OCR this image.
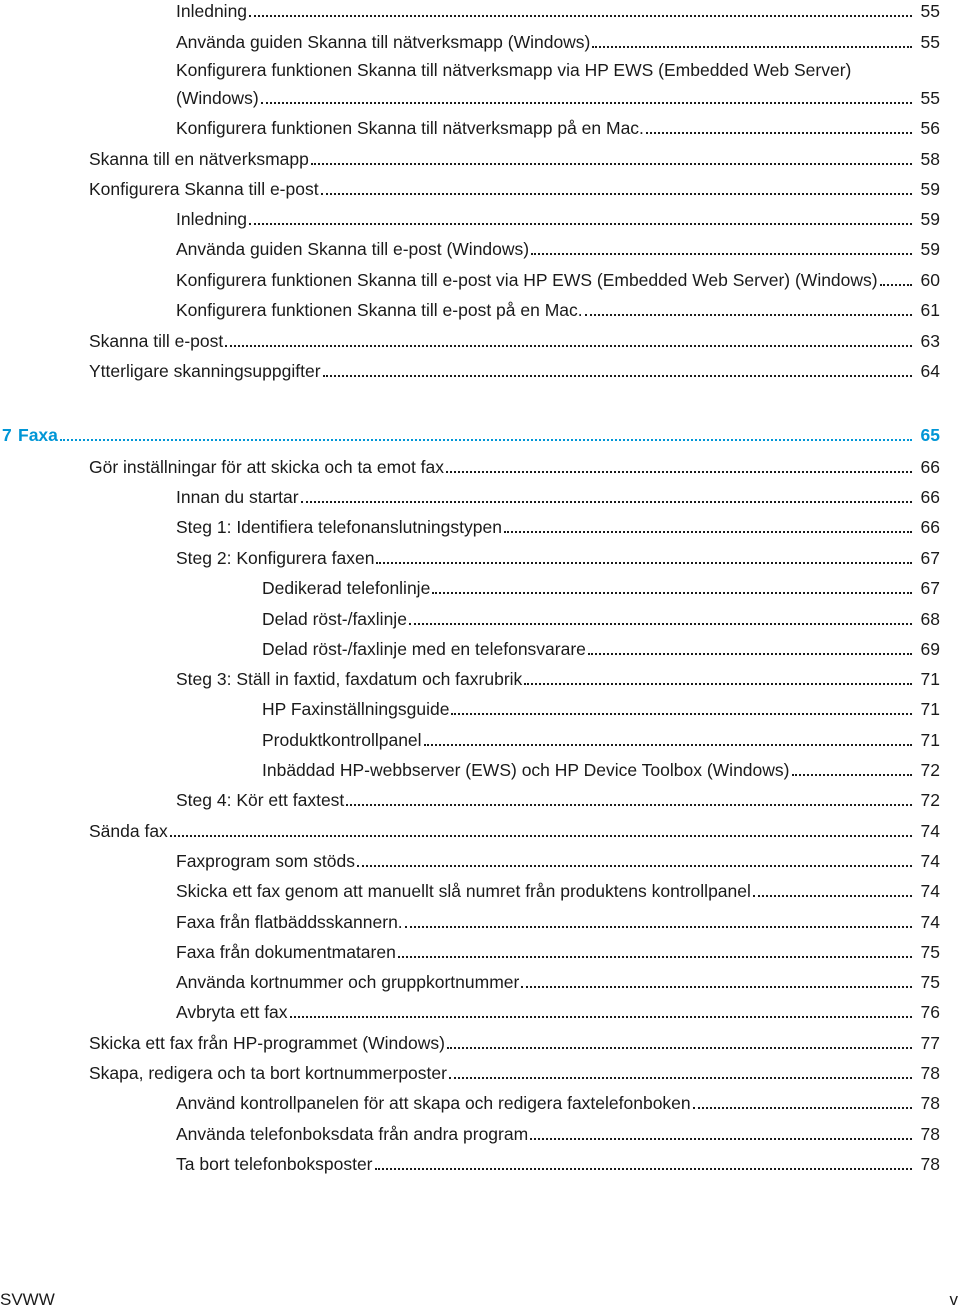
Inledning	55
Använda guiden Skanna till nätverksmapp (Windows)	55
Konfigurera funktionen Skanna till nätverksmapp via HP EWS (Embedded Web Server)
(Windows)	55
Konfigurera funktionen Skanna till nätverksmapp på en Mac.	56
Skanna till en nätverksmapp	58
Konfigurera Skanna till e-post	59
Inledning	59
Använda guiden Skanna till e-post (Windows)	59
Konfigurera funktionen Skanna till e-post via HP EWS (Embedded Web Server) (Windows)	60
Konfigurera funktionen Skanna till e-post på en Mac.	61
Skanna till e-post	63
Ytterligare skanningsuppgifter	64
7 Faxa	65
Gör inställningar för att skicka och ta emot fax	66
Innan du startar	66
Steg 1: Identifiera telefonanslutningstypen	66
Steg 2: Konfigurera faxen	67
Dedikerad telefonlinje	67
Delad röst-/faxlinje	68
Delad röst-/faxlinje med en telefonsvarare	69
Steg 3: Ställ in faxtid, faxdatum och faxrubrik	71
HP Faxinställningsguide	71
Produktkontrollpanel	71
Inbäddad HP-webbserver (EWS) och HP Device Toolbox (Windows)	72
Steg 4: Kör ett faxtest	72
Sända fax	74
Faxprogram som stöds	74
Skicka ett fax genom att manuellt slå numret från produktens kontrollpanel	74
Faxa från flatbäddsskannern.	74
Faxa från dokumentmataren	75
Använda kortnummer och gruppkortnummer	75
Avbryta ett fax	76
Skicka ett fax från HP-programmet (Windows)	77
Skapa, redigera och ta bort kortnummerposter	78
Använd kontrollpanelen för att skapa och redigera faxtelefonboken	78
Använda telefonboksdata från andra program	78
Ta bort telefonboksposter	78
SVWW	v
